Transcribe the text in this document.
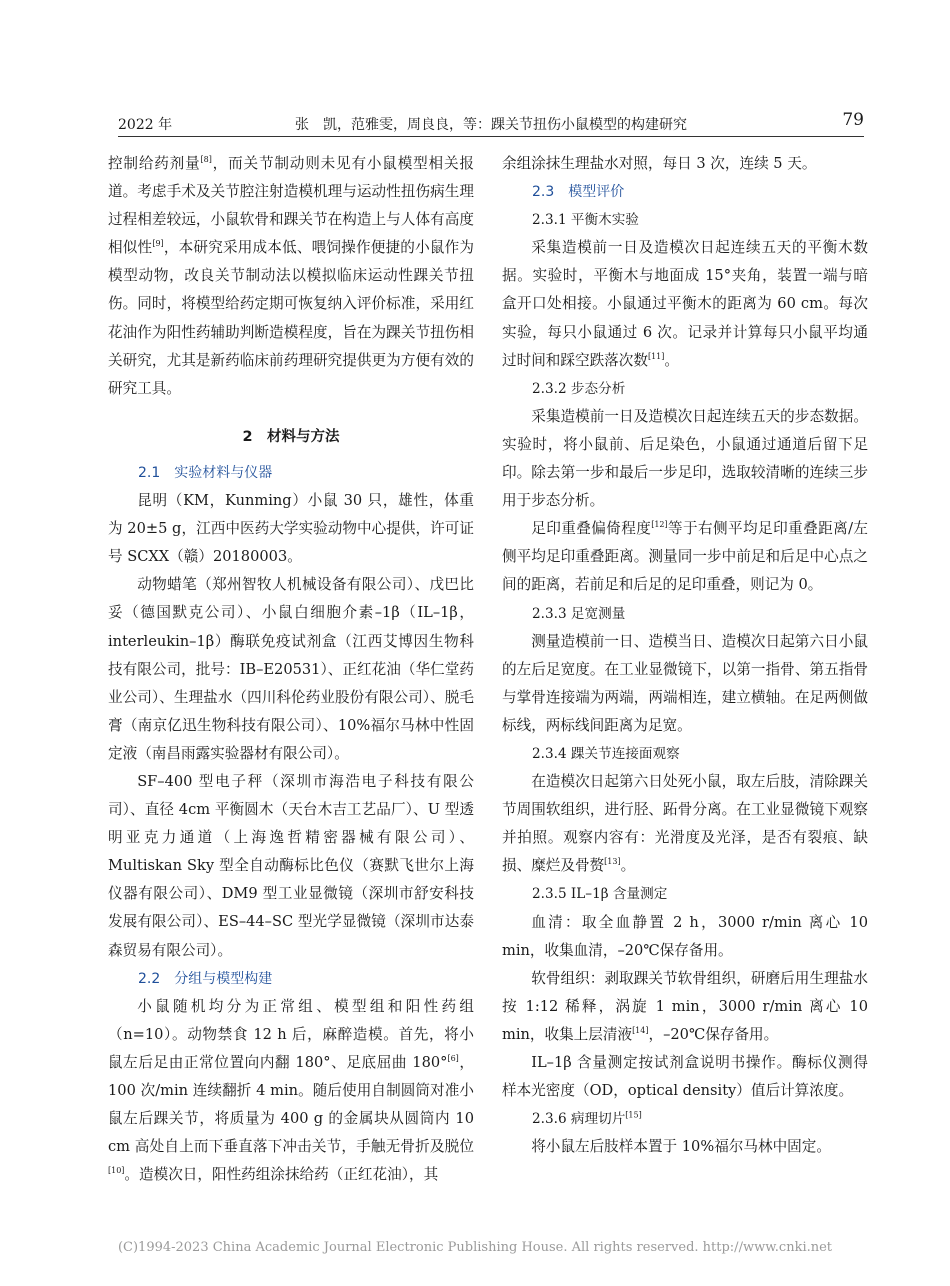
2022 年	张　凯，范雅雯，周良良，等：踝关节扭伤小鼠模型的构建研究	79

控制给药剂量[8]，而关节制动则未见有小鼠模型相关报道。考虑手术及关节腔注射造模机理与运动性扭伤病生理过程相差较远，小鼠软骨和踝关节在构造上与人体有高度相似性[9]，本研究采用成本低、喂饲操作便捷的小鼠作为模型动物，改良关节制动法以模拟临床运动性踝关节扭伤。同时，将模型给药定期可恢复纳入评价标准，采用红花油作为阳性药辅助判断造模程度，旨在为踝关节扭伤相关研究，尤其是新药临床前药理研究提供更为方便有效的研究工具。

2　材料与方法

2.1　实验材料与仪器

昆明（KM，Kunming）小鼠 30 只，雄性，体重为 20±5 g，江西中医药大学实验动物中心提供，许可证号 SCXX（赣）20180003。

动物蜡笔（郑州智牧人机械设备有限公司）、戊巴比妥（德国默克公司）、小鼠白细胞介素–1β（IL–1β，interleukin–1β）酶联免疫试剂盒（江西艾博因生物科技有限公司，批号：IB–E20531）、正红花油（华仁堂药业公司）、生理盐水（四川科伦药业股份有限公司）、脱毛膏（南京亿迅生物科技有限公司）、10%福尔马林中性固定液（南昌雨露实验器材有限公司）。

SF–400 型电子秤（深圳市海浩电子科技有限公司）、直径 4cm 平衡圆木（天台木吉工艺品厂）、U 型透明亚克力通道（上海逸哲精密器械有限公司）、Multiskan Sky 型全自动酶标比色仪（赛默飞世尔上海仪器有限公司）、DM9 型工业显微镜（深圳市舒安科技发展有限公司）、ES–44–SC 型光学显微镜（深圳市达泰森贸易有限公司）。

2.2　分组与模型构建

小鼠随机均分为正常组、模型组和阳性药组（n=10）。动物禁食 12 h 后，麻醉造模。首先，将小鼠左后足由正常位置向内翻 180°、足底屈曲 180°[6]，100 次/min 连续翻折 4 min。随后使用自制圆筒对准小鼠左后踝关节，将质量为 400 g 的金属块从圆筒内 10 cm 高处自上而下垂直落下冲击关节，手触无骨折及脱位[10]。造模次日，阳性药组涂抹给药（正红花油），其

余组涂抹生理盐水对照，每日 3 次，连续 5 天。

2.3　模型评价

2.3.1 平衡木实验

采集造模前一日及造模次日起连续五天的平衡木数据。实验时，平衡木与地面成 15°夹角，装置一端与暗盒开口处相接。小鼠通过平衡木的距离为 60 cm。每次实验，每只小鼠通过 6 次。记录并计算每只小鼠平均通过时间和踩空跌落次数[11]。

2.3.2 步态分析

采集造模前一日及造模次日起连续五天的步态数据。实验时，将小鼠前、后足染色，小鼠通过通道后留下足印。除去第一步和最后一步足印，选取较清晰的连续三步用于步态分析。

足印重叠偏倚程度[12]等于右侧平均足印重叠距离/左侧平均足印重叠距离。测量同一步中前足和后足中心点之间的距离，若前足和后足的足印重叠，则记为 0。

2.3.3 足宽测量

测量造模前一日、造模当日、造模次日起第六日小鼠的左后足宽度。在工业显微镜下，以第一指骨、第五指骨与掌骨连接端为两端，两端相连，建立横轴。在足两侧做标线，两标线间距离为足宽。

2.3.4 踝关节连接面观察

在造模次日起第六日处死小鼠，取左后肢，清除踝关节周围软组织，进行胫、跖骨分离。在工业显微镜下观察并拍照。观察内容有：光滑度及光泽，是否有裂痕、缺损、糜烂及骨赘[13]。

2.3.5 IL–1β 含量测定

血清：取全血静置 2 h，3000 r/min 离心 10 min，收集血清，–20℃保存备用。

软骨组织：剥取踝关节软骨组织，研磨后用生理盐水按 1:12 稀释，涡旋 1 min，3000 r/min 离心 10 min，收集上层清液[14]，–20℃保存备用。

IL–1β 含量测定按试剂盒说明书操作。酶标仪测得样本光密度（OD，optical density）值后计算浓度。

2.3.6 病理切片[15]

将小鼠左后肢样本置于 10%福尔马林中固定。

(C)1994-2023 China Academic Journal Electronic Publishing House. All rights reserved. http://www.cnki.net
